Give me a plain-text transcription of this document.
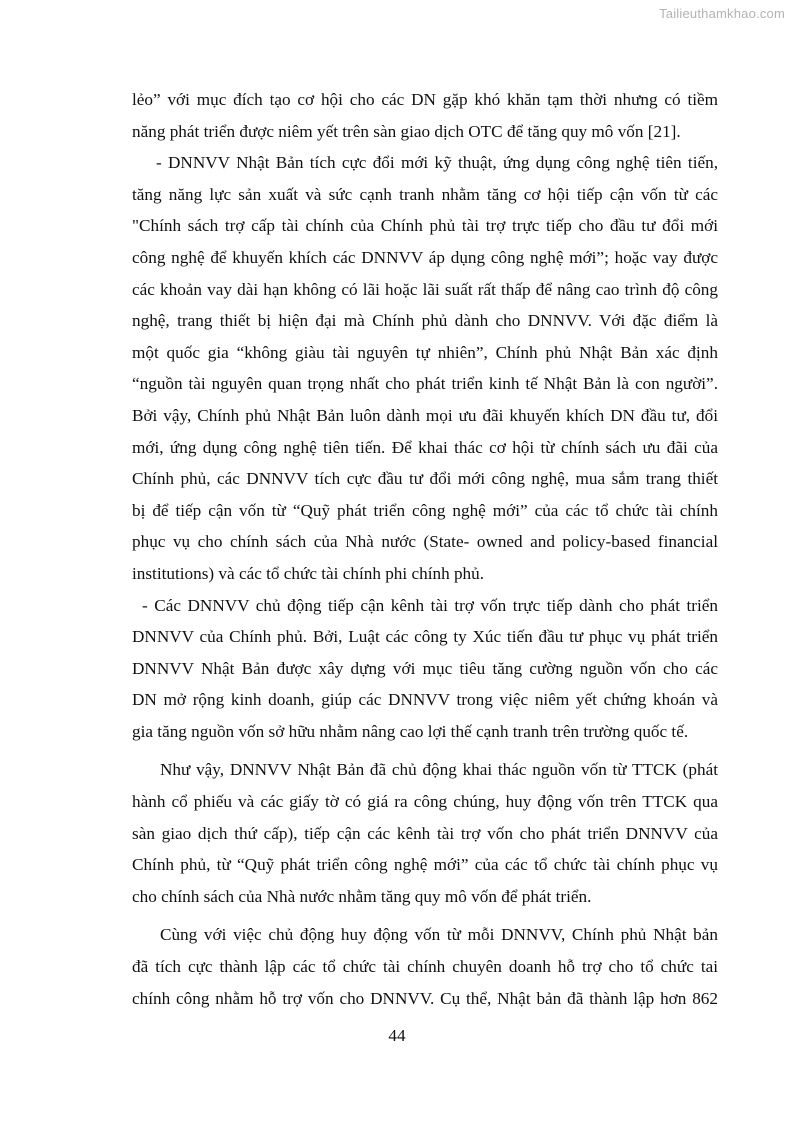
Tailieuthamkhao.com

lẻo” với mục đích tạo cơ hội cho các DN gặp khó khăn tạm thời nhưng có tiềm

năng phát triển được niêm yết trên sàn giao dịch OTC để tăng quy mô vốn [21].

- DNNVV Nhật Bản tích cực đổi mới kỹ thuật, ứng dụng công nghệ tiên tiến,

tăng năng lực sản xuất và sức cạnh tranh nhằm tăng cơ hội tiếp cận vốn từ các

"Chính sách trợ cấp tài chính của Chính phủ tài trợ trực tiếp cho đầu tư đổi mới

công nghệ để khuyến khích các DNNVV áp dụng công nghệ mới”; hoặc vay được

các khoản vay dài hạn không có lãi hoặc lãi suất rất thấp để nâng cao trình độ công

nghệ, trang thiết bị hiện đại mà Chính phủ dành cho DNNVV. Với đặc điểm là

một quốc gia “không giàu tài nguyên tự nhiên”, Chính phủ Nhật Bản xác định

“nguồn tài nguyên quan trọng nhất cho phát triển kinh tế Nhật Bản là con người”.

Bởi vậy, Chính phủ Nhật Bản luôn dành mọi ưu đãi khuyến khích DN đầu tư, đổi

mới, ứng dụng công nghệ tiên tiến. Để khai thác cơ hội từ chính sách ưu đãi của

Chính phủ, các DNNVV tích cực đầu tư đổi mới công nghệ, mua sắm trang thiết

bị để tiếp cận vốn từ “Quỹ phát triển công nghệ mới” của các tổ chức tài chính

phục vụ cho chính sách của Nhà nước (State- owned and policy-based financial

institutions) và các tổ chức tài chính phi chính phủ.

- Các DNNVV chủ động tiếp cận kênh tài trợ vốn trực tiếp dành cho phát triển

DNNVV của Chính phủ. Bởi, Luật các công ty Xúc tiến đầu tư phục vụ phát triển

DNNVV Nhật Bản được xây dựng với mục tiêu tăng cường nguồn vốn cho các

DN mở rộng kinh doanh, giúp các DNNVV trong việc niêm yết chứng khoán và

gia tăng nguồn vốn sở hữu nhằm nâng cao lợi thế cạnh tranh trên trường quốc tế.

Như vậy, DNNVV Nhật Bản đã chủ động khai thác nguồn vốn từ TTCK (phát

hành cổ phiếu và các giấy tờ có giá ra công chúng, huy động vốn trên TTCK qua

sàn giao dịch thứ cấp), tiếp cận các kênh tài trợ vốn cho phát triển DNNVV của

Chính phủ, từ “Quỹ phát triển công nghệ mới” của các tổ chức tài chính phục vụ

cho chính sách của Nhà nước nhằm tăng quy mô vốn để phát triển.

Cùng với việc chủ động huy động vốn từ mỗi DNNVV, Chính phủ Nhật bản

đã tích cực thành lập các tổ chức tài chính chuyên doanh hỗ trợ cho tổ chức tai

chính công nhằm hỗ trợ vốn cho DNNVV. Cụ thể, Nhật bản đã thành lập hơn 862

44
